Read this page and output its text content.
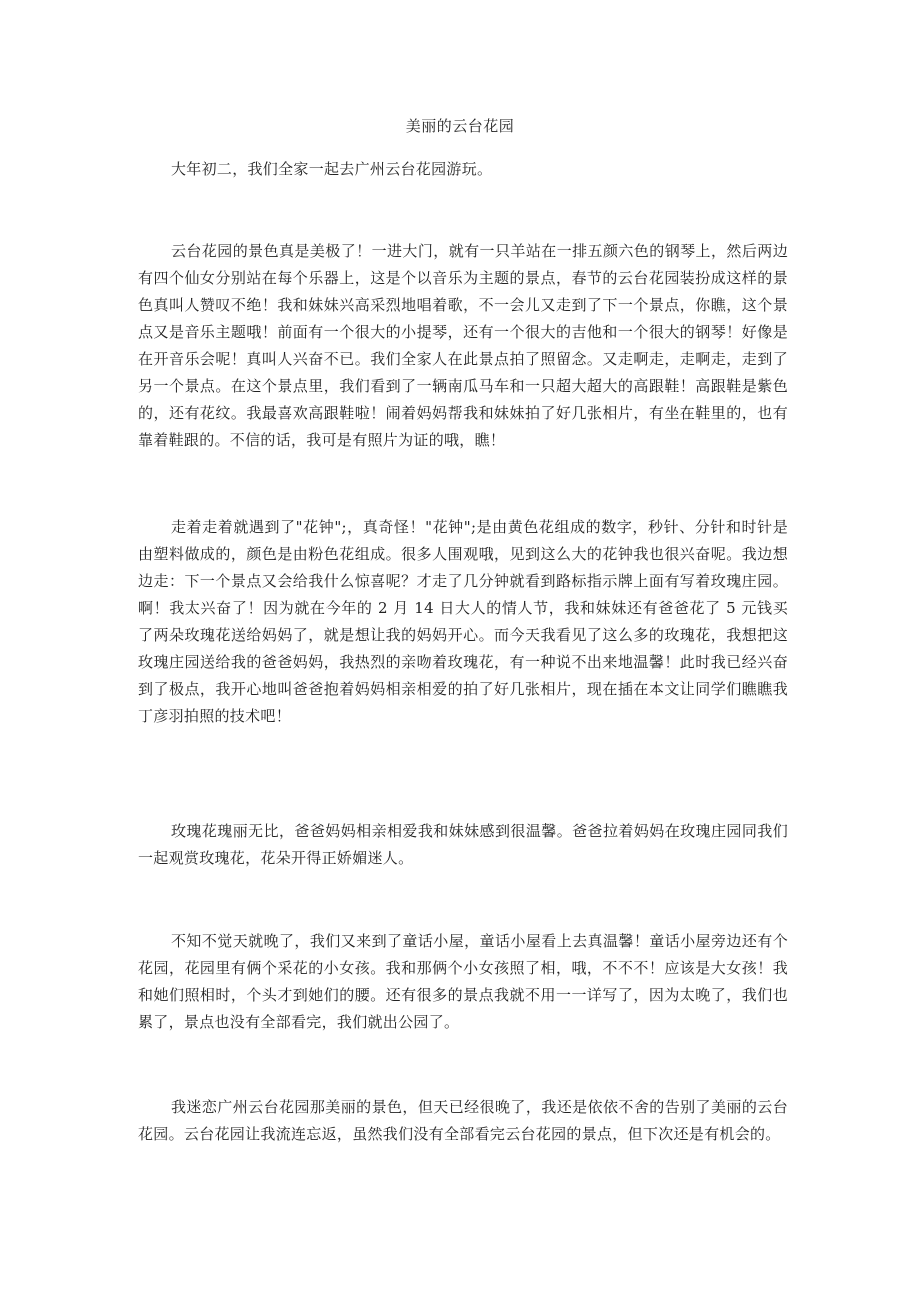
美丽的云台花园

大年初二，我们全家一起去广州云台花园游玩。

云台花园的景色真是美极了！一进大门，就有一只羊站在一排五颜六色的钢琴上，然后两边有四个仙女分别站在每个乐器上，这是个以音乐为主题的景点，春节的云台花园装扮成这样的景色真叫人赞叹不绝！我和妹妹兴高采烈地唱着歌，不一会儿又走到了下一个景点，你瞧，这个景点又是音乐主题哦！前面有一个很大的小提琴，还有一个很大的吉他和一个很大的钢琴！好像是在开音乐会呢！真叫人兴奋不已。我们全家人在此景点拍了照留念。又走啊走，走啊走，走到了另一个景点。在这个景点里，我们看到了一辆南瓜马车和一只超大超大的高跟鞋！高跟鞋是紫色的，还有花纹。我最喜欢高跟鞋啦！闹着妈妈帮我和妹妹拍了好几张相片，有坐在鞋里的，也有靠着鞋跟的。不信的话，我可是有照片为证的哦，瞧！

走着走着就遇到了"花钟";，真奇怪！"花钟";是由黄色花组成的数字，秒针、分针和时针是由塑料做成的，颜色是由粉色花组成。很多人围观哦，见到这么大的花钟我也很兴奋呢。我边想边走：下一个景点又会给我什么惊喜呢？才走了几分钟就看到路标指示牌上面有写着玫瑰庄园。啊！我太兴奋了！因为就在今年的 2 月 14 日大人的情人节，我和妹妹还有爸爸花了 5 元钱买了两朵玫瑰花送给妈妈了，就是想让我的妈妈开心。而今天我看见了这么多的玫瑰花，我想把这玫瑰庄园送给我的爸爸妈妈，我热烈的亲吻着玫瑰花，有一种说不出来地温馨！此时我已经兴奋到了极点，我开心地叫爸爸抱着妈妈相亲相爱的拍了好几张相片，现在插在本文让同学们瞧瞧我丁彦羽拍照的技术吧！

玫瑰花瑰丽无比，爸爸妈妈相亲相爱我和妹妹感到很温馨。爸爸拉着妈妈在玫瑰庄园同我们一起观赏玫瑰花，花朵开得正娇媚迷人。

不知不觉天就晚了，我们又来到了童话小屋，童话小屋看上去真温馨！童话小屋旁边还有个花园，花园里有俩个采花的小女孩。我和那俩个小女孩照了相，哦，不不不！应该是大女孩！我和她们照相时，个头才到她们的腰。还有很多的景点我就不用一一详写了，因为太晚了，我们也累了，景点也没有全部看完，我们就出公园了。

我迷恋广州云台花园那美丽的景色，但天已经很晚了，我还是依依不舍的告别了美丽的云台花园。云台花园让我流连忘返，虽然我们没有全部看完云台花园的景点，但下次还是有机会的。
